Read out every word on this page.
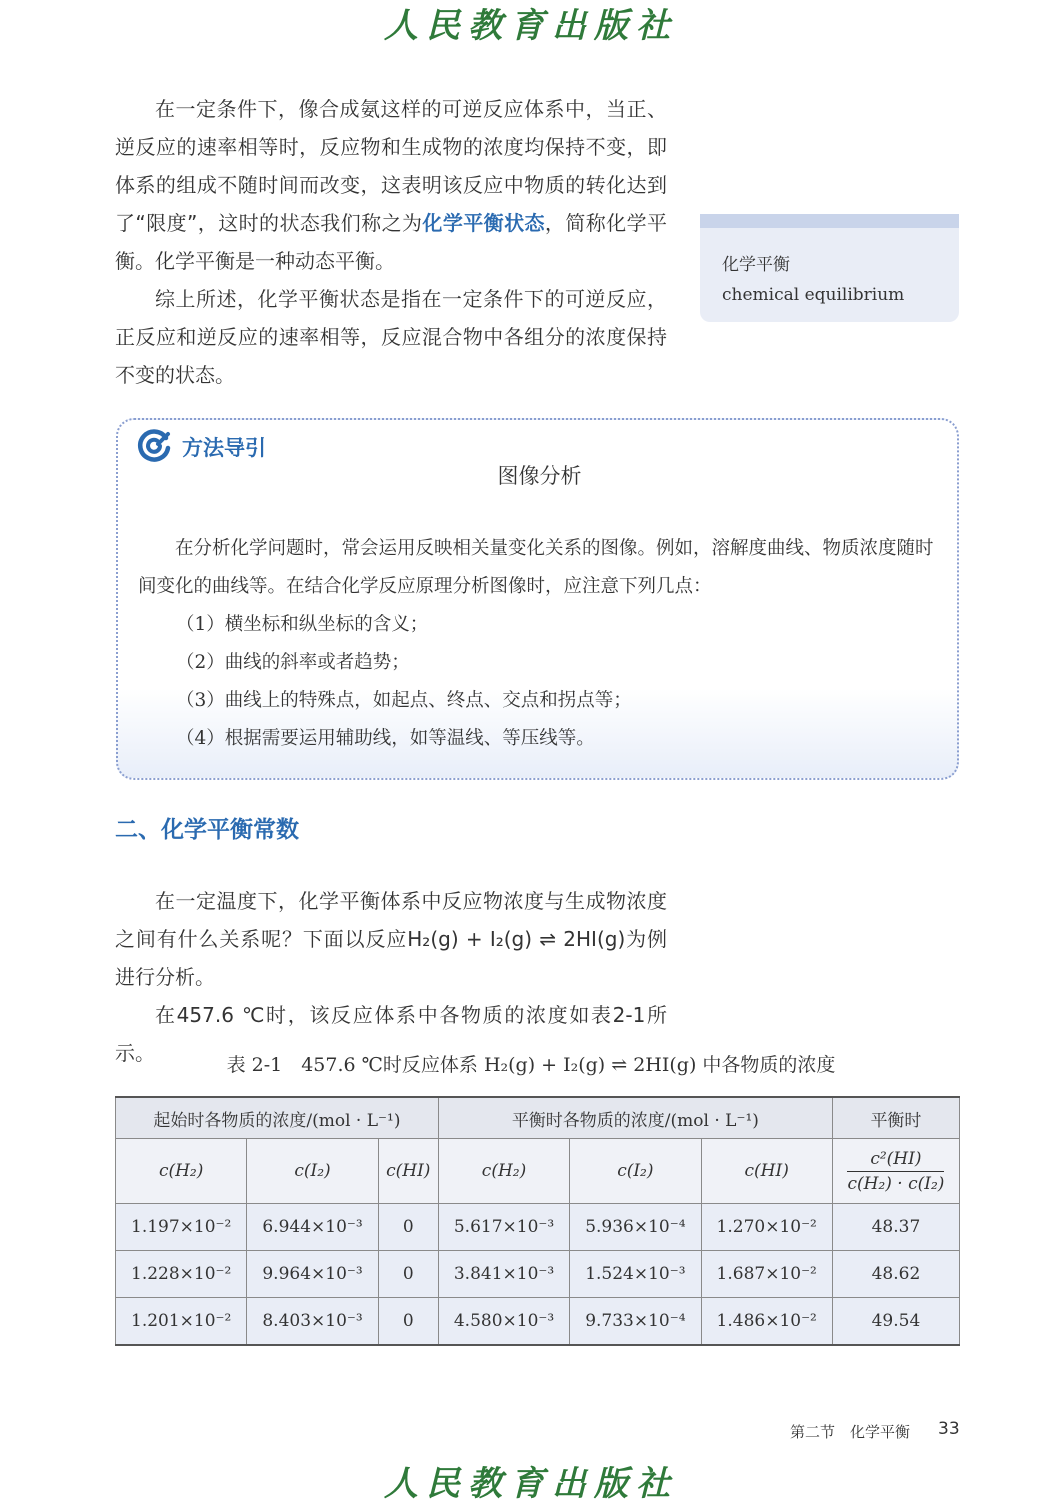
人民教育出版社

在一定条件下，像合成氨这样的可逆反应体系中，当正、逆反应的速率相等时，反应物和生成物的浓度均保持不变，即体系的组成不随时间而改变，这表明该反应中物质的转化达到了“限度”，这时的状态我们称之为化学平衡状态，简称化学平衡。化学平衡是一种动态平衡。

综上所述，化学平衡状态是指在一定条件下的可逆反应，正反应和逆反应的速率相等，反应混合物中各组分的浓度保持不变的状态。

化学平衡
chemical equilibrium
方法导引
图像分析

在分析化学问题时，常会运用反映相关量变化关系的图像。例如，溶解度曲线、物质浓度随时间变化的曲线等。在结合化学反应原理分析图像时，应注意下列几点：

（1）横坐标和纵坐标的含义；

（2）曲线的斜率或者趋势；

（3）曲线上的特殊点，如起点、终点、交点和拐点等；

（4）根据需要运用辅助线，如等温线、等压线等。

二、化学平衡常数

在一定温度下，化学平衡体系中反应物浓度与生成物浓度之间有什么关系呢？下面以反应H₂(g) + I₂(g) ⇌ 2HI(g)为例进行分析。

在457.6 ℃时，该反应体系中各物质的浓度如表2-1所示。	表 2-1　457.6 ℃时反应体系 H₂(g) + I₂(g) ⇌ 2HI(g) 中各物质的浓度
起始时各物质的浓度/(mol · L⁻¹)			平衡时各物质的浓度/(mol · L⁻¹)			平衡时
c(H₂)	c(I₂)	c(HI)	c(H₂)	c(I₂)	c(HI)	$\frac{\text{c²(HI)}}{\text{c(H₂) · c(I₂)}}$

1.197×10⁻²	6.944×10⁻³	0	5.617×10⁻³	5.936×10⁻⁴	1.270×10⁻²	48.37
1.228×10⁻²	9.964×10⁻³	0	3.841×10⁻³	1.524×10⁻³	1.687×10⁻²	48.62
1.201×10⁻²	8.403×10⁻³	0	4.580×10⁻³	9.733×10⁻⁴	1.486×10⁻²	49.54
第二节　化学平衡 33
人民教育出版社
